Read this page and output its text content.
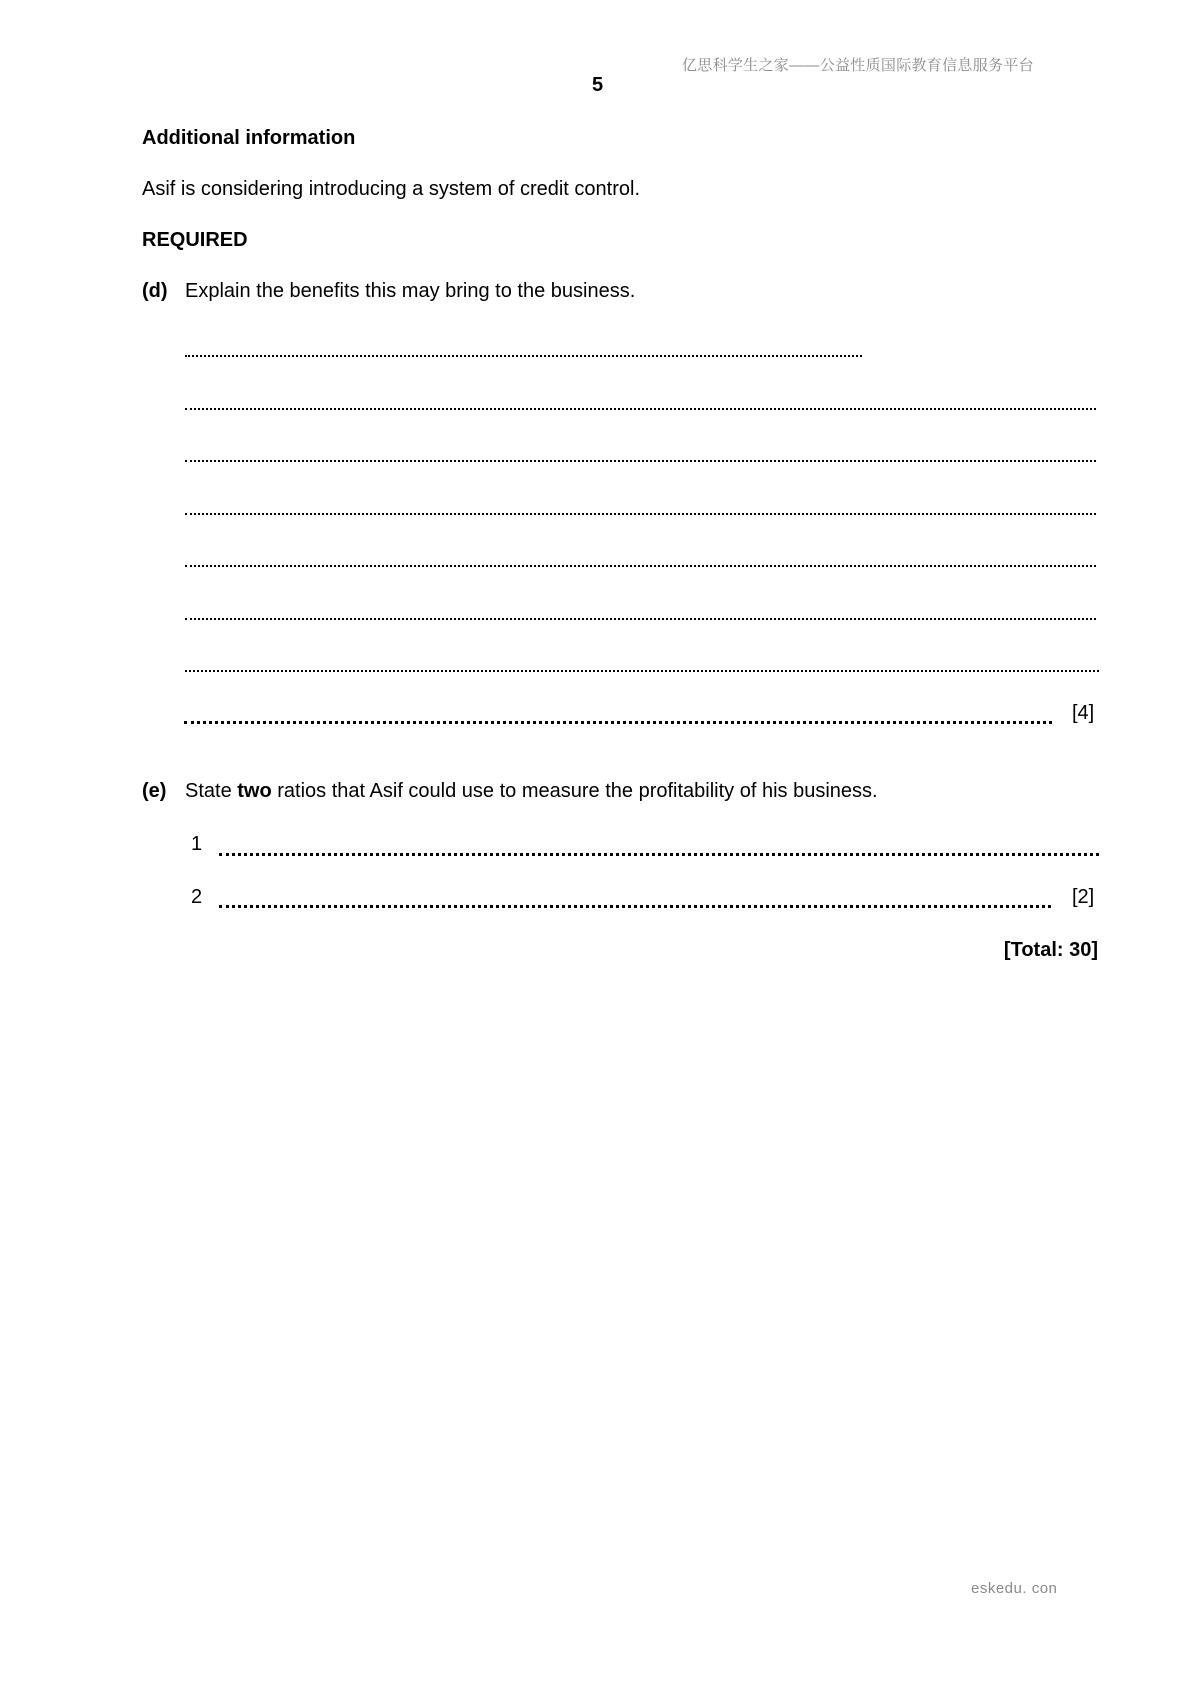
亿思科学生之家——公益性质国际教育信息服务平台
5
Additional information
Asif is considering introducing a system of credit control.
REQUIRED
(d) Explain the benefits this may bring to the business.
[4]
(e) State two ratios that Asif could use to measure the profitability of his business.
1
2	[2]
[Total: 30]
eskedu. con
